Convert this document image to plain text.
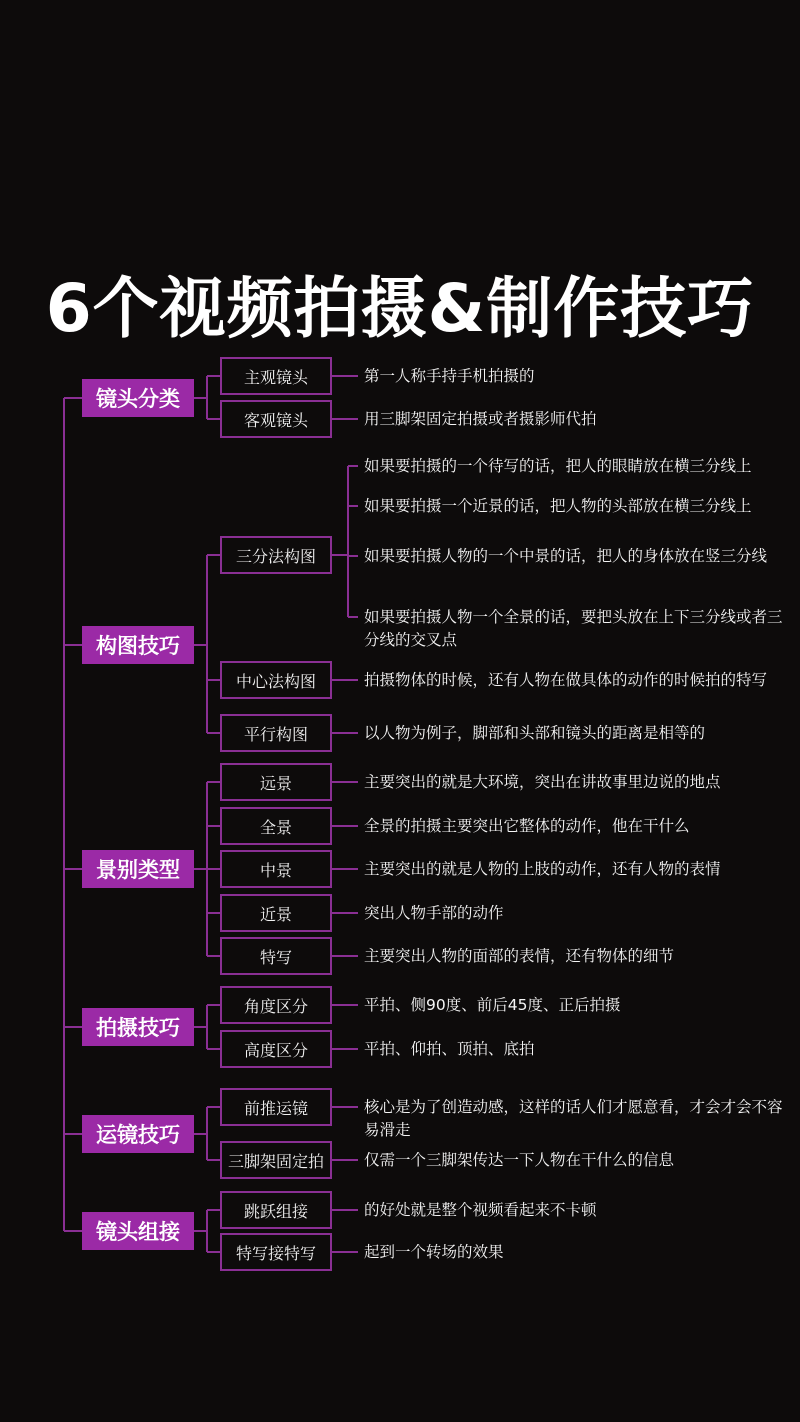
6个视频拍摄&制作技巧
镜头分类
主观镜头	第一人称手持手机拍摄的
客观镜头	用三脚架固定拍摄或者摄影师代拍
构图技巧
三分法构图
如果要拍摄的一个待写的话，把人的眼睛放在横三分线上
如果要拍摄一个近景的话，把人物的头部放在横三分线上
如果要拍摄人物的一个中景的话，把人的身体放在竖三分线
如果要拍摄人物一个全景的话，要把头放在上下三分线或者三分线的交叉点
中心法构图	拍摄物体的时候，还有人物在做具体的动作的时候拍的特写
平行构图	以人物为例子，脚部和头部和镜头的距离是相等的
景别类型
远景	主要突出的就是大环境，突出在讲故事里边说的地点
全景	全景的拍摄主要突出它整体的动作，他在干什么
中景	主要突出的就是人物的上肢的动作，还有人物的表情
近景	突出人物手部的动作
特写	主要突出人物的面部的表情，还有物体的细节
拍摄技巧
角度区分	平拍、侧90度、前后45度、正后拍摄
高度区分	平拍、仰拍、顶拍、底拍
运镜技巧
前推运镜	核心是为了创造动感，这样的话人们才愿意看，才会才会不容易滑走
三脚架固定拍	仅需一个三脚架传达一下人物在干什么的信息
镜头组接
跳跃组接	的好处就是整个视频看起来不卡顿
特写接特写	起到一个转场的效果
